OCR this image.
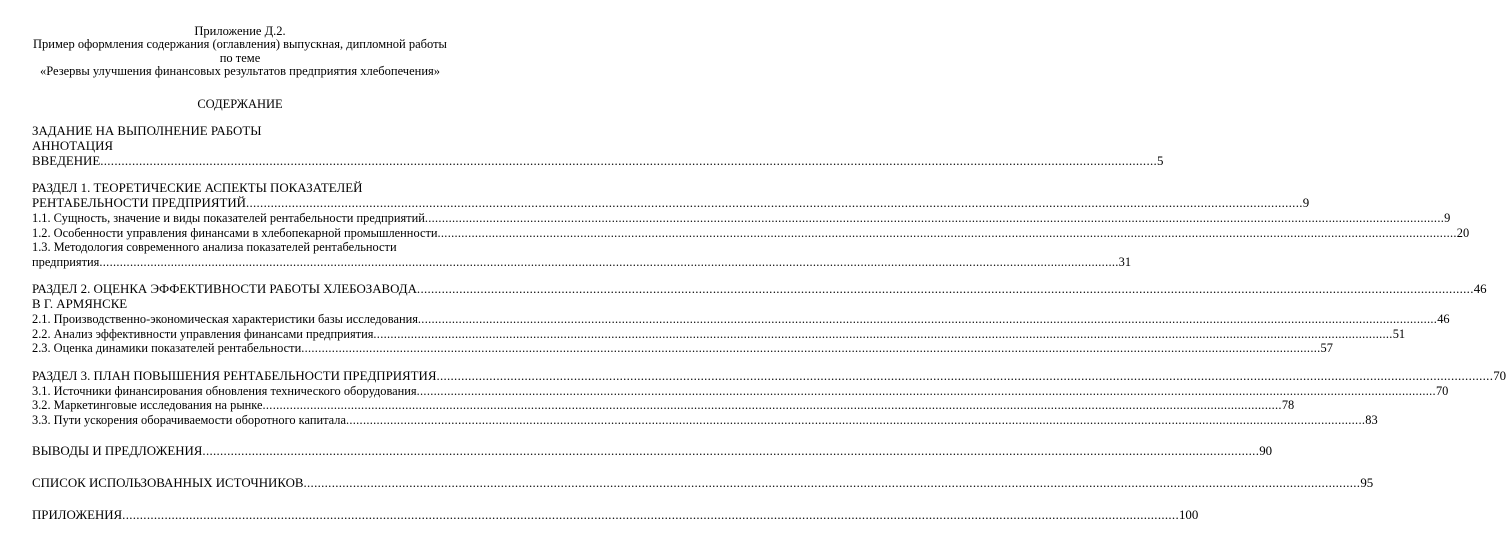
Приложение Д.2.
Пример оформления содержания (оглавления) выпускная, дипломной работы
по теме
«Резервы улучшения финансовых результатов предприятия хлебопечения»
СОДЕРЖАНИЕ
ЗАДАНИЕ НА ВЫПОЛНЕНИЕ РАБОТЫ
АННОТАЦИЯ
ВВЕДЕНИЕ ............................................................................................................................................................................................................................................................................................................ 5
РАЗДЕЛ 1. ТЕОРЕТИЧЕСКИЕ АСПЕКТЫ ПОКАЗАТЕЛЕЙ
РЕНТАБЕЛЬНОСТИ ПРЕДПРИЯТИЙ ............................................................................................................................................................................................................................................................................................................ 9
1.1. Сущность, значение и виды показателей рентабельности предприятий ............................................................................................................................................................................................................................................................................................................ 9
1.2. Особенности управления финансами в хлебопекарной промышленности ............................................................................................................................................................................................................................................................................................................ 20
1.3. Методология современного анализа показателей рентабельности
предприятия ............................................................................................................................................................................................................................................................................................................ 31
РАЗДЕЛ 2. ОЦЕНКА ЭФФЕКТИВНОСТИ РАБОТЫ ХЛЕБОЗАВОДА ............................................................................................................................................................................................................................................................................................................ 46
В Г. АРМЯНСКЕ
2.1. Производственно-экономическая характеристики базы исследования ............................................................................................................................................................................................................................................................................................................ 46
2.2. Анализ эффективности управления финансами предприятия ............................................................................................................................................................................................................................................................................................................ 51
2.3. Оценка динамики показателей рентабельности ............................................................................................................................................................................................................................................................................................................ 57
РАЗДЕЛ 3. ПЛАН ПОВЫШЕНИЯ РЕНТАБЕЛЬНОСТИ ПРЕДПРИЯТИЯ ............................................................................................................................................................................................................................................................................................................ 70
3.1. Источники финансирования обновления технического оборудования ............................................................................................................................................................................................................................................................................................................ 70
3.2. Маркетинговые исследования на рынке ............................................................................................................................................................................................................................................................................................................ 78
3.3. Пути ускорения оборачиваемости оборотного капитала ............................................................................................................................................................................................................................................................................................................ 83
ВЫВОДЫ И ПРЕДЛОЖЕНИЯ ............................................................................................................................................................................................................................................................................................................ 90
СПИСОК ИСПОЛЬЗОВАННЫХ ИСТОЧНИКОВ ............................................................................................................................................................................................................................................................................................................ 95
ПРИЛОЖЕНИЯ ............................................................................................................................................................................................................................................................................................................ 100
